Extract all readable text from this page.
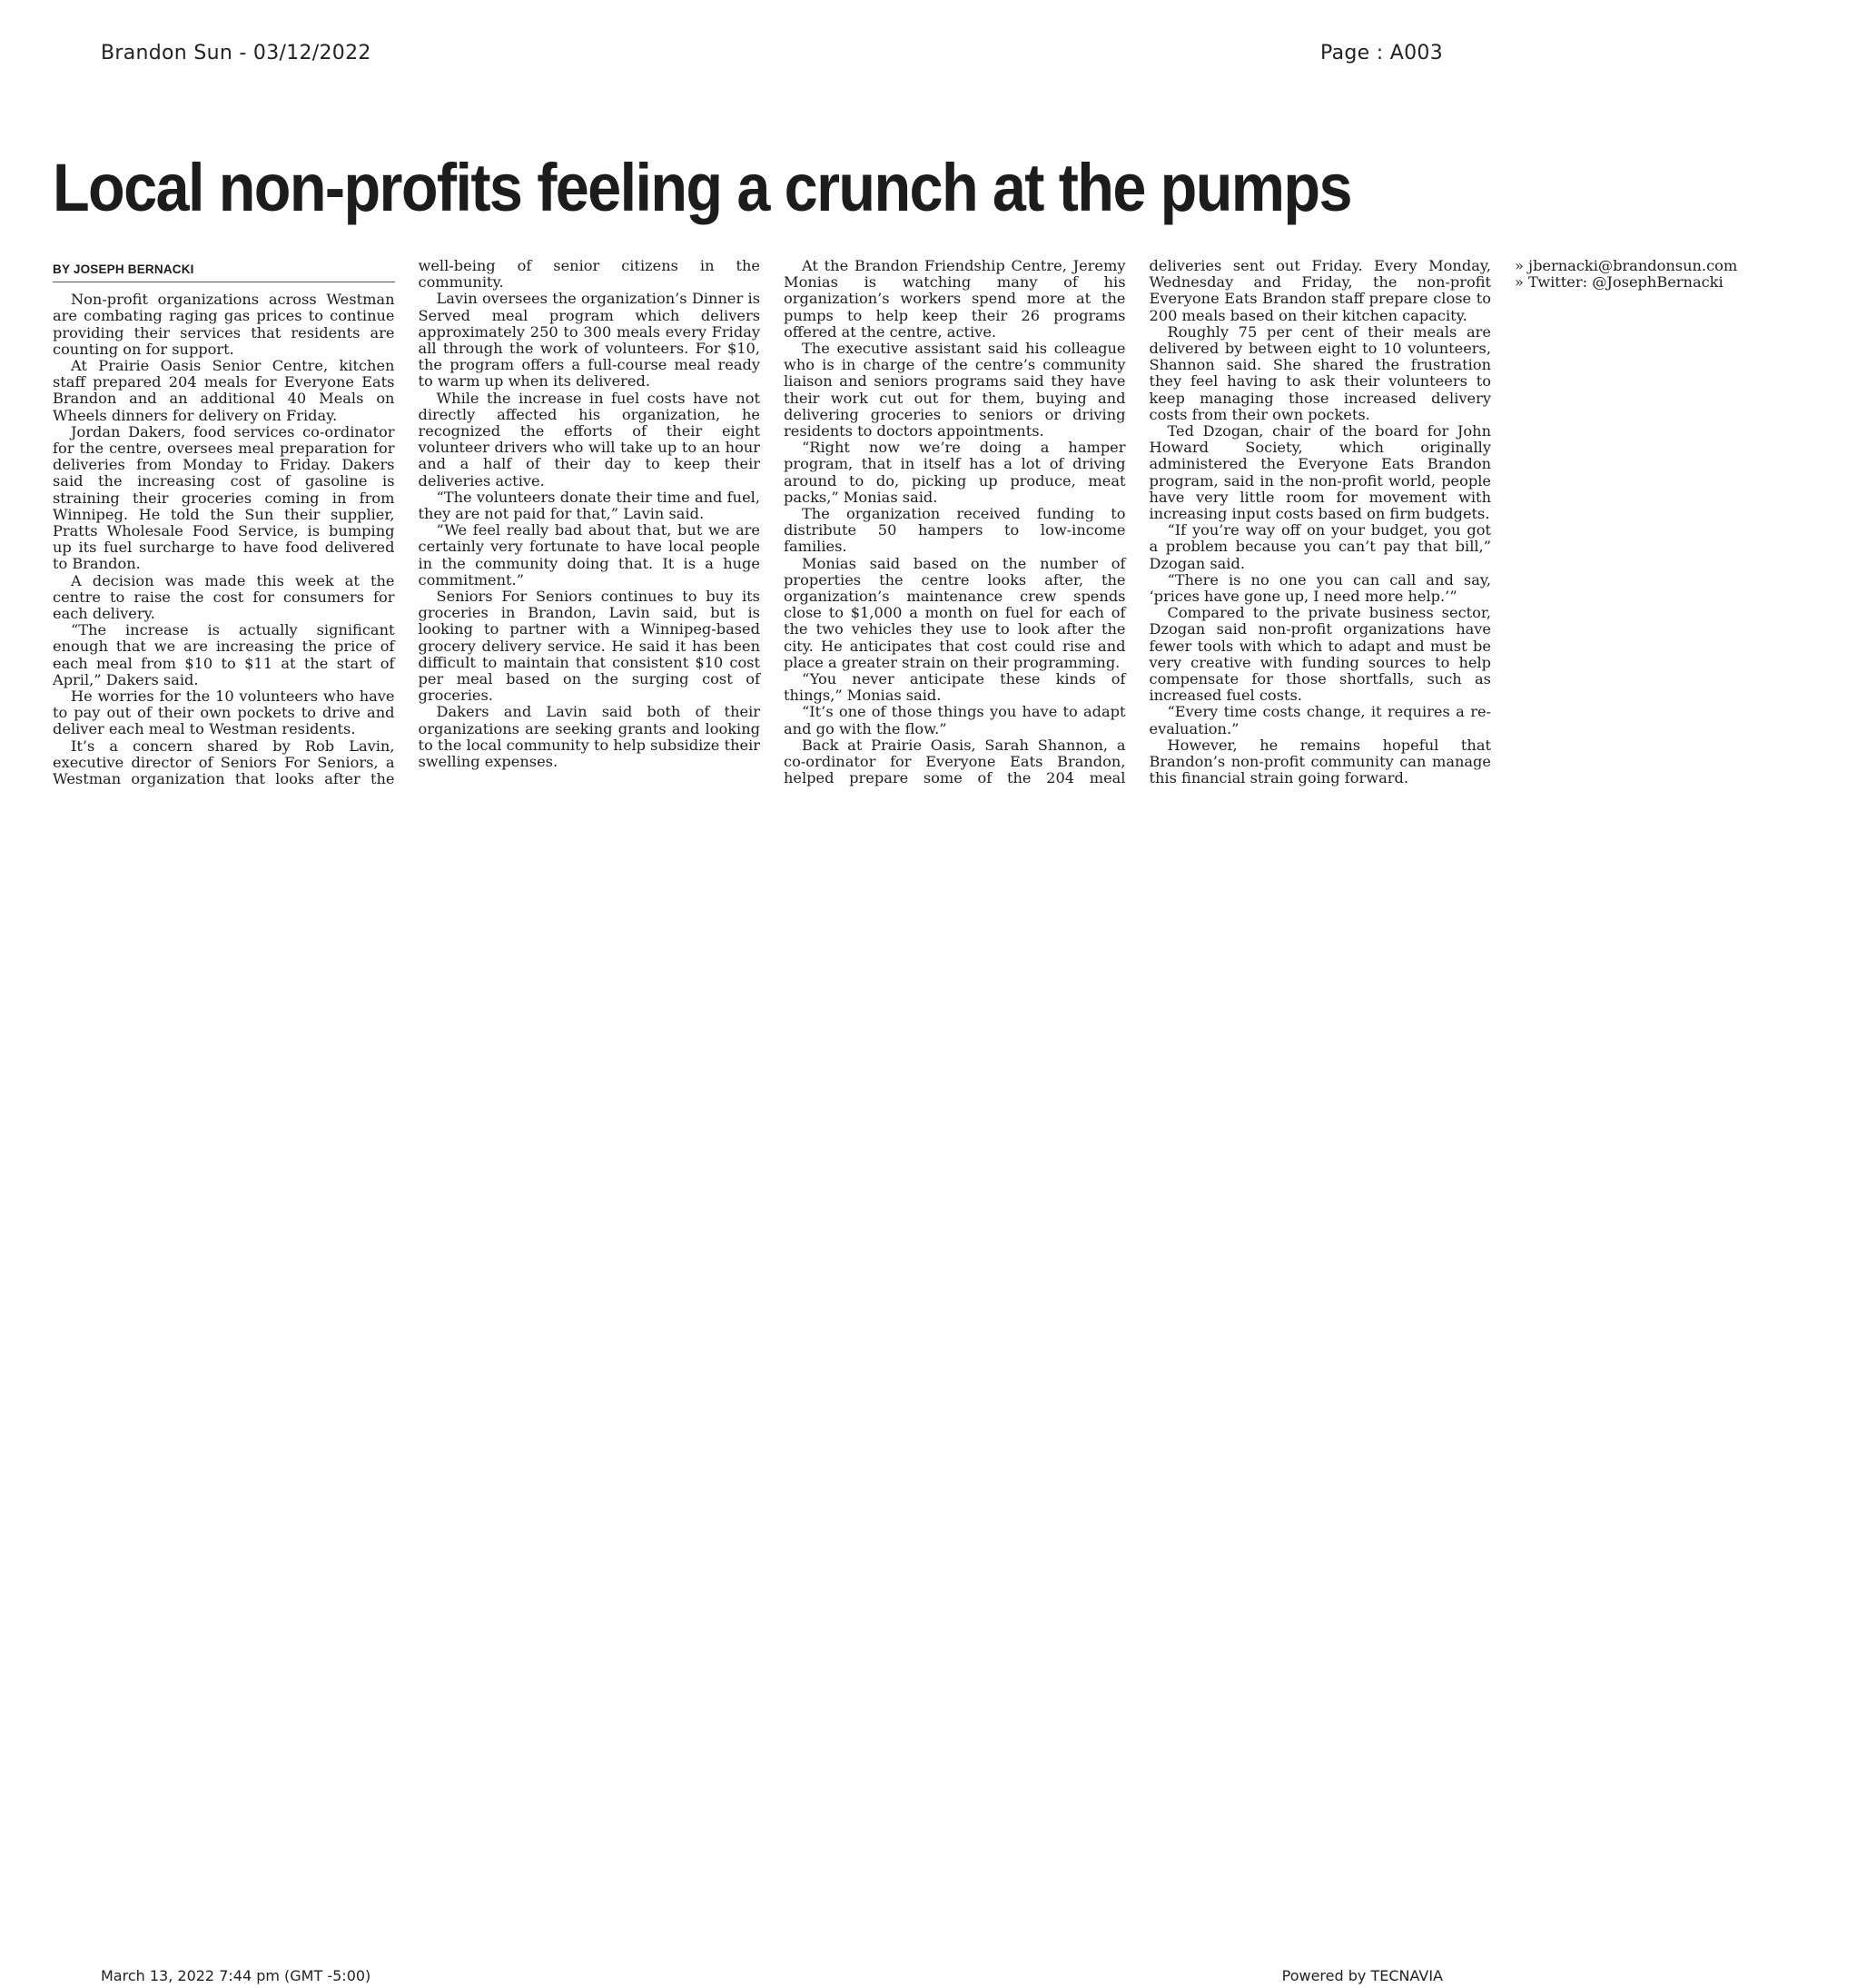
Brandon Sun - 03/12/2022	Page : A003
Local non-profits feeling a crunch at the pumps
BY JOSEPH BERNACKI

Non-profit organizations across Westman are combating raging gas prices to continue providing their services that residents are counting on for support.

At Prairie Oasis Senior Centre, kitchen staff prepared 204 meals for Everyone Eats Brandon and an additional 40 Meals on Wheels dinners for delivery on Friday.

Jordan Dakers, food services co-ordinator for the centre, oversees meal preparation for deliveries from Monday to Friday. Dakers said the increasing cost of gasoline is straining their groceries coming in from Winnipeg. He told the Sun their supplier, Pratts Wholesale Food Service, is bumping up its fuel surcharge to have food delivered to Brandon.

A decision was made this week at the centre to raise the cost for consumers for each delivery.

“The increase is actually significant enough that we are increasing the price of each meal from $10 to $11 at the start of April,” Dakers said.

He worries for the 10 volunteers who have to pay out of their own pockets to drive and deliver each meal to Westman residents.

It’s a concern shared by Rob Lavin, executive director of Seniors For Seniors, a Westman organization that looks after the well-being of senior citizens in the community.

Lavin oversees the organization’s Dinner is Served meal program which delivers approximately 250 to 300 meals every Friday all through the work of volunteers. For $10, the program offers a full-course meal ready to warm up when its delivered.

While the increase in fuel costs have not directly affected his organization, he recognized the efforts of their eight volunteer drivers who will take up to an hour and a half of their day to keep their deliveries active.

“The volunteers donate their time and fuel, they are not paid for that,” Lavin said.

“We feel really bad about that, but we are certainly very fortunate to have local people in the community doing that. It is a huge commitment.”

Seniors For Seniors continues to buy its groceries in Brandon, Lavin said, but is looking to partner with a Winnipeg-based grocery delivery service. He said it has been difficult to maintain that consistent $10 cost per meal based on the surging cost of groceries.

Dakers and Lavin said both of their organizations are seeking grants and looking to the local community to help subsidize their swelling expenses.

At the Brandon Friendship Centre, Jeremy Monias is watching many of his organization’s workers spend more at the pumps to help keep their 26 programs offered at the centre, active.

The executive assistant said his colleague who is in charge of the centre’s community liaison and seniors programs said they have their work cut out for them, buying and delivering groceries to seniors or driving residents to doctors appointments.

“Right now we’re doing a hamper program, that in itself has a lot of driving around to do, picking up produce, meat packs,” Monias said.

The organization received funding to distribute 50 hampers to low-income families.

Monias said based on the number of properties the centre looks after, the organization’s maintenance crew spends close to $1,000 a month on fuel for each of the two vehicles they use to look after the city. He anticipates that cost could rise and place a greater strain on their programming.

“You never anticipate these kinds of things,” Monias said.

“It’s one of those things you have to adapt and go with the flow.”

Back at Prairie Oasis, Sarah Shannon, a co-ordinator for Everyone Eats Brandon, helped prepare some of the 204 meal deliveries sent out Friday. Every Monday, Wednesday and Friday, the non-profit Everyone Eats Brandon staff prepare close to 200 meals based on their kitchen capacity.

Roughly 75 per cent of their meals are delivered by between eight to 10 volunteers, Shannon said. She shared the frustration they feel having to ask their volunteers to keep managing those increased delivery costs from their own pockets.

Ted Dzogan, chair of the board for John Howard Society, which originally administered the Everyone Eats Brandon program, said in the non-profit world, people have very little room for movement with increasing input costs based on firm budgets.

“If you’re way off on your budget, you got a problem because you can’t pay that bill,” Dzogan said.

“There is no one you can call and say, ‘prices have gone up, I need more help.’”

Compared to the private business sector, Dzogan said non-profit organizations have fewer tools with which to adapt and must be very creative with funding sources to help compensate for those shortfalls, such as increased fuel costs.

“Every time costs change, it requires a re-evaluation.”

However, he remains hopeful that Brandon’s non-profit community can manage this financial strain going forward.

» jbernacki@brandonsun.com

» Twitter: @JosephBernacki

March 13, 2022 7:44 pm (GMT -5:00)	Powered by TECNAVIA
